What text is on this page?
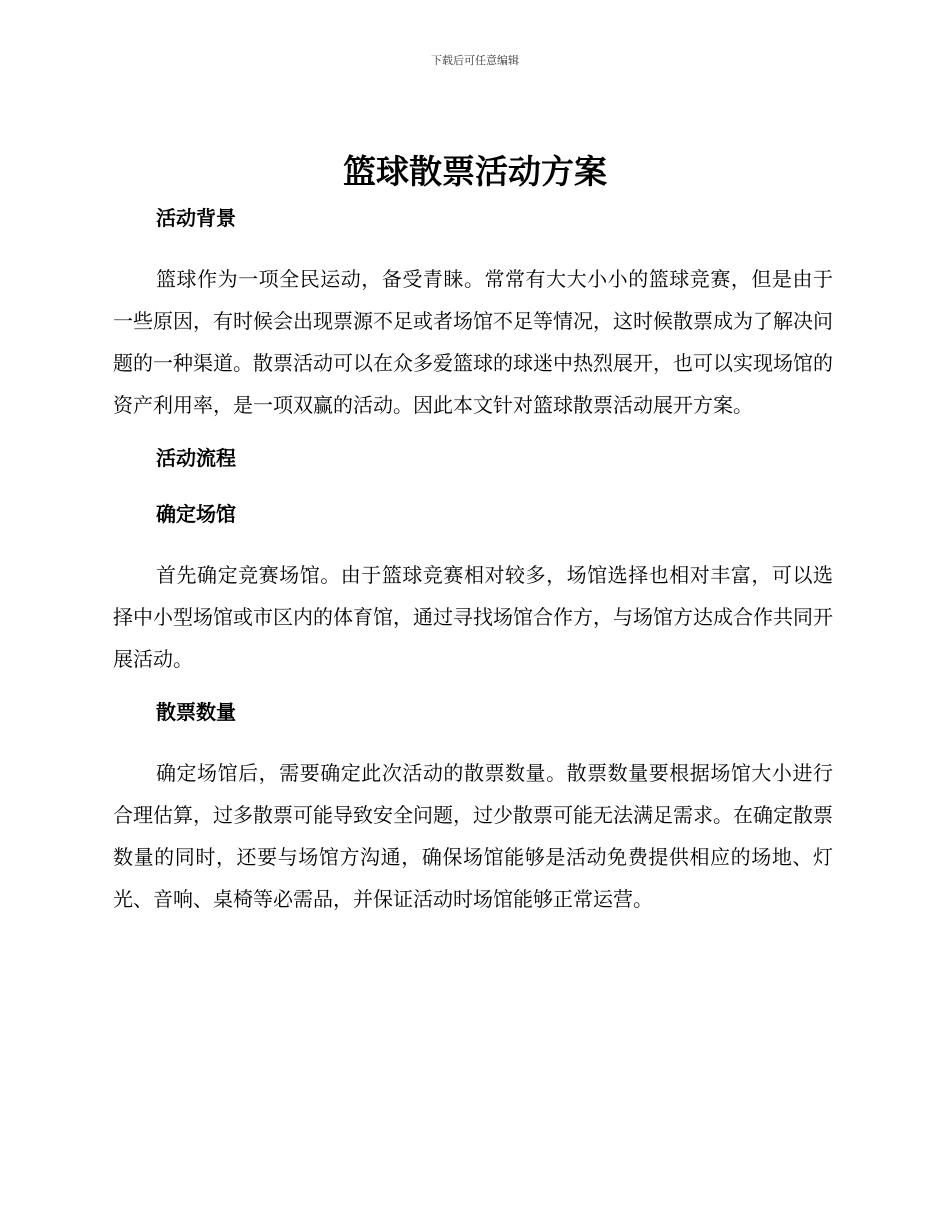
下载后可任意编辑
篮球散票活动方案
活动背景

篮球作为一项全民运动，备受青睐。常常有大大小小的篮球竞赛，但是由于一些原因，有时候会出现票源不足或者场馆不足等情况，这时候散票成为了解决问题的一种渠道。散票活动可以在众多爱篮球的球迷中热烈展开，也可以实现场馆的资产利用率，是一项双赢的活动。因此本文针对篮球散票活动展开方案。

活动流程
确定场馆

首先确定竞赛场馆。由于篮球竞赛相对较多，场馆选择也相对丰富，可以选择中小型场馆或市区内的体育馆，通过寻找场馆合作方，与场馆方达成合作共同开展活动。

散票数量

确定场馆后，需要确定此次活动的散票数量。散票数量要根据场馆大小进行合理估算，过多散票可能导致安全问题，过少散票可能无法满足需求。在确定散票数量的同时，还要与场馆方沟通，确保场馆能够是活动免费提供相应的场地、灯光、音响、桌椅等必需品，并保证活动时场馆能够正常运营。
